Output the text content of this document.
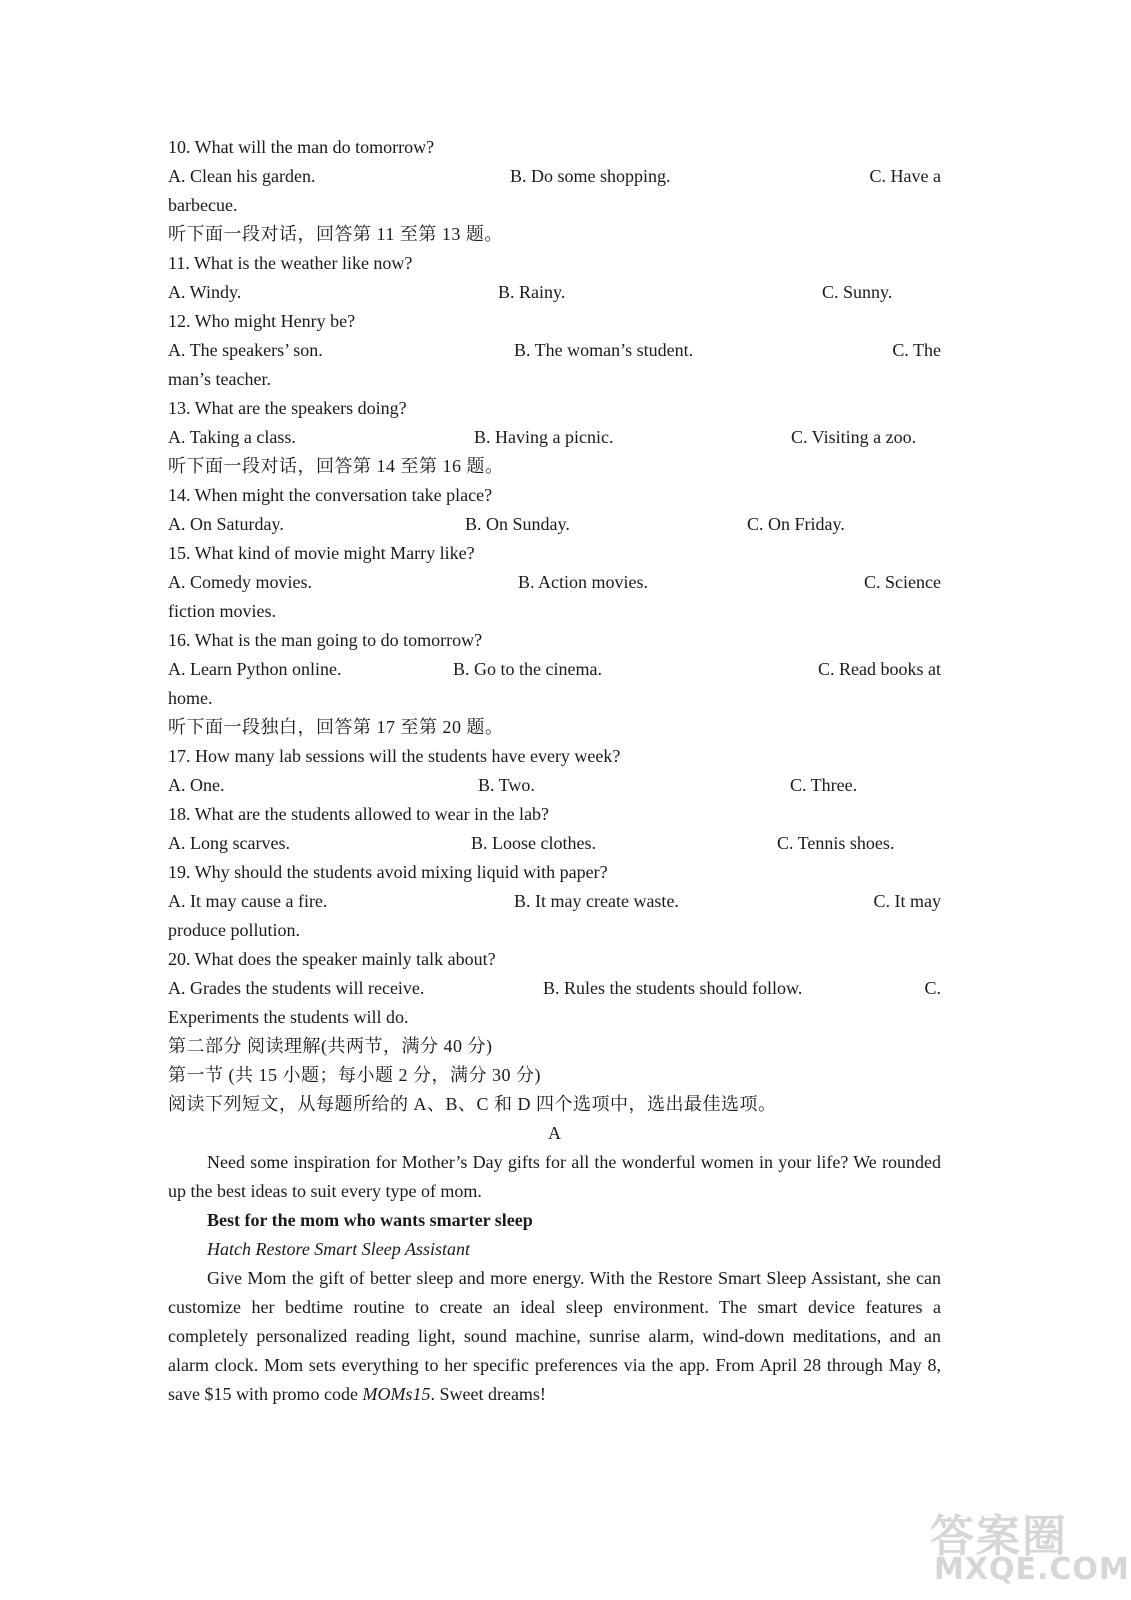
10. What will the man do tomorrow?
A. Clean his garden.	B. Do some shopping.	C. Have a
barbecue.
听下面一段对话，回答第 11 至第 13 题。
11. What is the weather like now?
A. Windy.	B. Rainy.	C. Sunny.
12. Who might Henry be?
A. The speakers’ son.	B. The woman’s student.	C. The
man’s teacher.
13. What are the speakers doing?
A. Taking a class.	B. Having a picnic.	C. Visiting a zoo.
听下面一段对话，回答第 14 至第 16 题。
14. When might the conversation take place?
A. On Saturday.	B. On Sunday.	C. On Friday.
15. What kind of movie might Marry like?
A. Comedy movies.	B. Action movies.	C. Science
fiction movies.
16. What is the man going to do tomorrow?
A. Learn Python online.	B. Go to the cinema.	C. Read books at
home.
听下面一段独白，回答第 17 至第 20 题。
17. How many lab sessions will the students have every week?
A. One.	B. Two.	C. Three.
18. What are the students allowed to wear in the lab?
A. Long scarves.	B. Loose clothes.	C. Tennis shoes.
19. Why should the students avoid mixing liquid with paper?
A. It may cause a fire.	B. It may create waste.	C. It may
produce pollution.
20. What does the speaker mainly talk about?
A. Grades the students will receive.	B. Rules the students should follow.	C.
Experiments the students will do.
第二部分 阅读理解(共两节，满分 40 分)
第一节 (共 15 小题；每小题 2 分，满分 30 分)
阅读下列短文，从每题所给的 A、B、C 和 D 四个选项中，选出最佳选项。
A
Need some inspiration for Mother’s Day gifts for all the wonderful women in your life? We rounded up the best ideas to suit every type of mom.
Best for the mom who wants smarter sleep
Hatch Restore Smart Sleep Assistant
Give Mom the gift of better sleep and more energy. With the Restore Smart Sleep Assistant, she can customize her bedtime routine to create an ideal sleep environment. The smart device features a completely personalized reading light, sound machine, sunrise alarm, wind-down meditations, and an alarm clock. Mom sets everything to her specific preferences via the app. From April 28 through May 8, save $15 with promo code MOMs15. Sweet dreams!
答案圈
MXQE.COM
